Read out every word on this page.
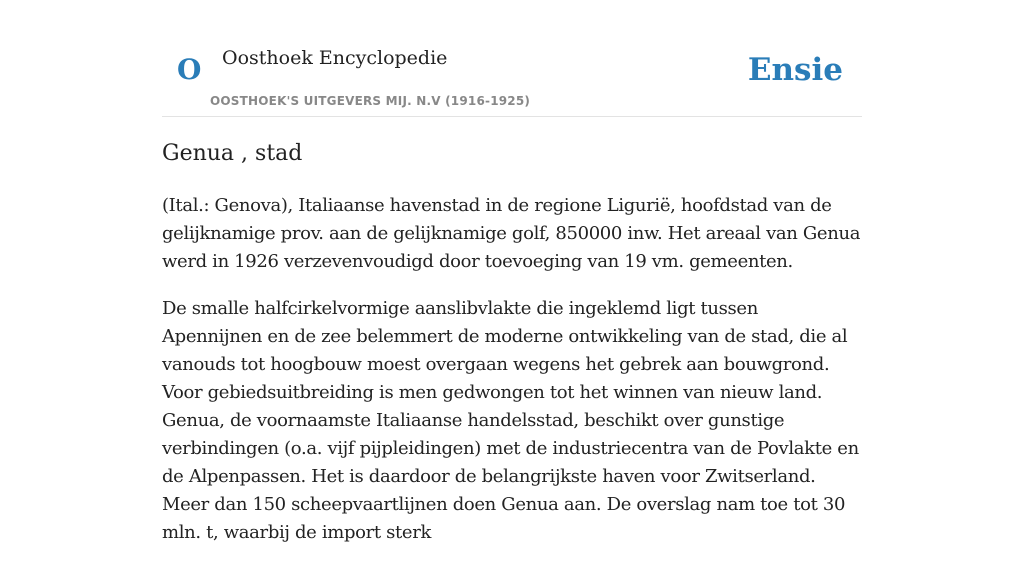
O Oosthoek Encyclopedie
OOSTHOEK'S UITGEVERS MIJ. N.V (1916-1925)
Ensie
Genua , stad

(Ital.: Genova), Italiaanse havenstad in de regione Ligurië, hoofdstad van de gelijknamige prov. aan de gelijknamige golf, 850000 inw. Het areaal van Genua werd in 1926 verzevenvoudigd door toevoeging van 19 vm. gemeenten.

De smalle halfcirkelvormige aanslibvlakte die ingeklemd ligt tussen Apennijnen en de zee belemmert de moderne ontwikkeling van de stad, die al vanouds tot hoogbouw moest overgaan wegens het gebrek aan bouwgrond. Voor gebiedsuitbreiding is men gedwongen tot het winnen van nieuw land. Genua, de voornaamste Italiaanse handelsstad, beschikt over gunstige verbindingen (o.a. vijf pijpleidingen) met de industriecentra van de Povlakte en de Alpenpassen. Het is daardoor de belangrijkste haven voor Zwitserland. Meer dan 150 scheepvaartlijnen doen Genua aan. De overslag nam toe tot 30 mln. t, waarbij de import sterk
